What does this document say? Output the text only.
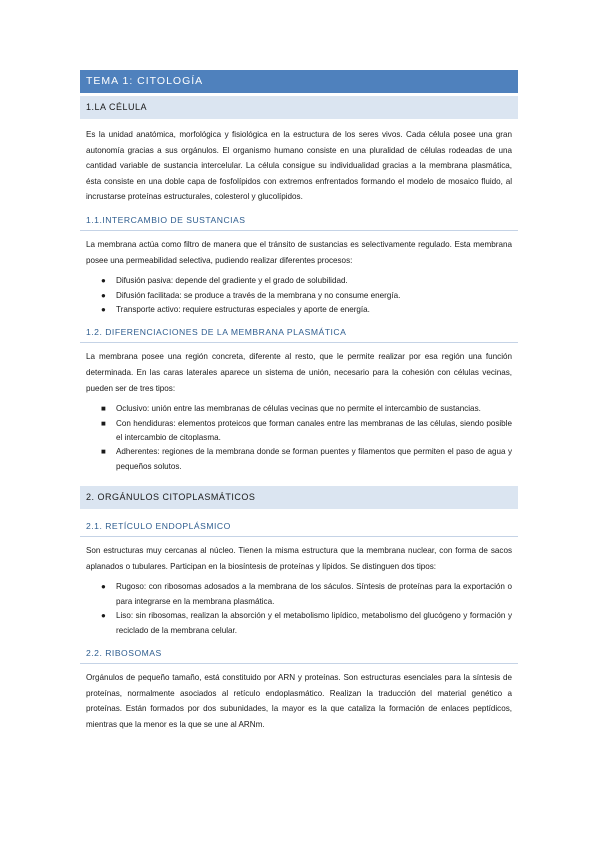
TEMA 1: CITOLOGÍA
1.LA CÉLULA

Es la unidad anatómica, morfológica y fisiológica en la estructura de los seres vivos. Cada célula posee una gran autonomía gracias a sus orgánulos. El organismo humano consiste en una pluralidad de células rodeadas de una cantidad variable de sustancia intercelular. La célula consigue su individualidad gracias a la membrana plasmática, ésta consiste en una doble capa de fosfolípidos con extremos enfrentados formando el modelo de mosaico fluido, al incrustarse proteínas estructurales, colesterol y glucolípidos.

1.1.INTERCAMBIO DE SUSTANCIAS

La membrana actúa como filtro de manera que el tránsito de sustancias es selectivamente regulado. Esta membrana posee una permeabilidad selectiva, pudiendo realizar diferentes procesos:

● Difusión pasiva: depende del gradiente y el grado de solubilidad.
● Difusión facilitada: se produce a través de la membrana y no consume energía.
● Transporte activo: requiere estructuras especiales y aporte de energía.
1.2. DIFERENCIACIONES DE LA MEMBRANA PLASMÁTICA

La membrana posee una región concreta, diferente al resto, que le permite realizar por esa región una función determinada. En las caras laterales aparece un sistema de unión, necesario para la cohesión con células vecinas, pueden ser de tres tipos:

■ Oclusivo: unión entre las membranas de células vecinas que no permite el intercambio de sustancias.
■ Con hendiduras: elementos proteicos que forman canales entre las membranas de las células, siendo posible el intercambio de citoplasma.
■ Adherentes: regiones de la membrana donde se forman puentes y filamentos que permiten el paso de agua y pequeños solutos.
2. ORGÁNULOS CITOPLASMÁTICOS
2.1. RETÍCULO ENDOPLÁSMICO

Son estructuras muy cercanas al núcleo. Tienen la misma estructura que la membrana nuclear, con forma de sacos aplanados o tubulares. Participan en la biosíntesis de proteínas y lípidos. Se distinguen dos tipos:

● Rugoso: con ribosomas adosados a la membrana de los sáculos. Síntesis de proteínas para la exportación o para integrarse en la membrana plasmática.
● Liso: sin ribosomas, realizan la absorción y el metabolismo lipídico, metabolismo del glucógeno y formación y reciclado de la membrana celular.
2.2. RIBOSOMAS

Orgánulos de pequeño tamaño, está constituido por ARN y proteínas. Son estructuras esenciales para la síntesis de proteínas, normalmente asociados al retículo endoplasmático. Realizan la traducción del material genético a proteínas. Están formados por dos subunidades, la mayor es la que cataliza la formación de enlaces peptídicos, mientras que la menor es la que se une al ARNm.
